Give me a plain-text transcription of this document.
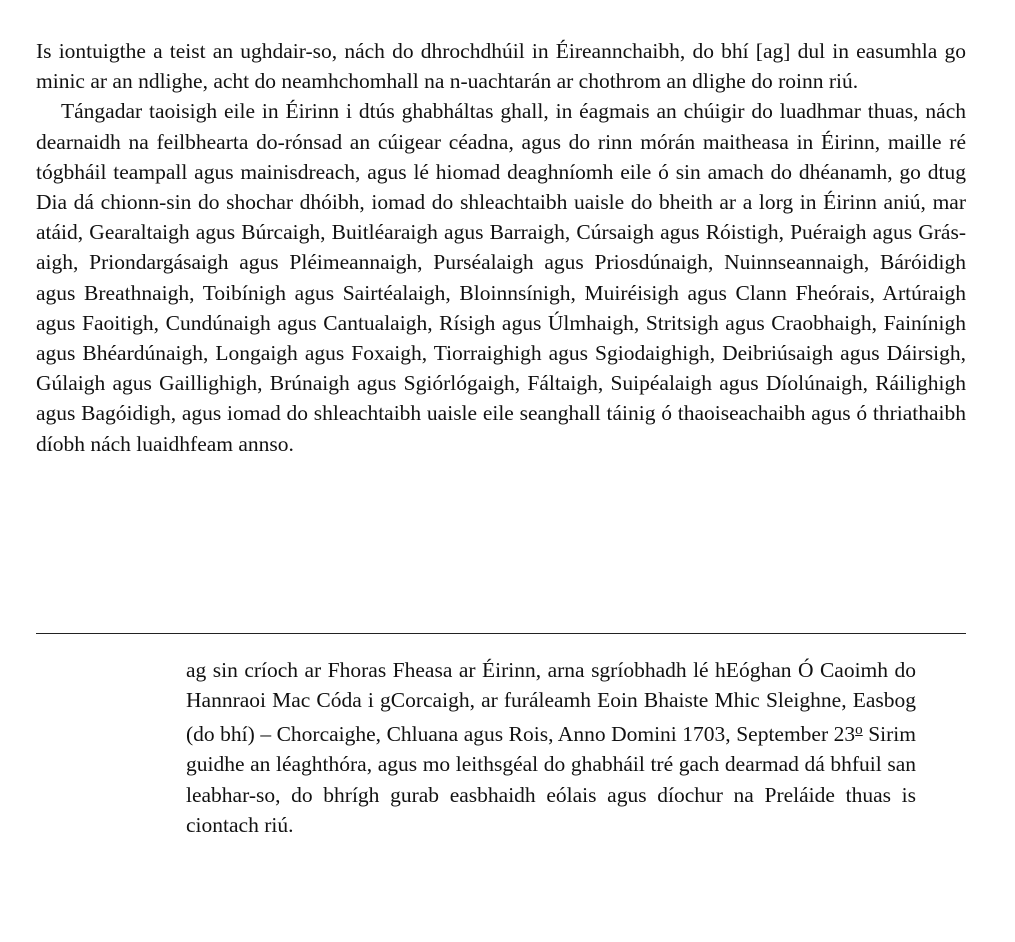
Is iontuigthe a teist an ughdair-so, nách do dhrochdhúil in Éireannchaibh, do bhí [ag] dul in easumhla go minic ar an ndlighe, acht do neamhchomhall na n-uachtarán ar chothrom an dlighe do roinn riú.

Tángadar taoisigh eile in Éirinn i dtús ghabháltas ghall, in éagmais an chúigir do luadhmar thuas, nách dearnaidh na feilbhearta do-rónsad an cúigear céadna, agus do rinn mórán maitheasa in Éirinn, maille ré tógbháil teampall agus mainisdreach, agus lé hiomad deaghníomh eile ó sin amach do dhéanamh, go dtug Dia dá chionn-sin do shochar dhóibh, iomad do shleachtaibh uaisle do bheith ar a lorg in Éirinn aniú, mar atáid, Gearaltaigh agus Búrcaigh, Buitléaraigh agus Barraigh, Cúrsaigh agus Róistigh, Puéraigh agus Grásaigh, Priondargásaigh agus Pléimeannaigh, Purséalaigh agus Priosdúnaigh, Nuinnseannaigh, Báróidigh agus Breathnaigh, Toibínigh agus Sairtéalaigh, Bloinnsínigh, Muiréisigh agus Clann Fheórais, Artúraigh agus Faoitigh, Cundúnaigh agus Cantualaigh, Rísigh agus Úlmhaigh, Stritsigh agus Craobhaigh, Fainínigh agus Bhéardúnaigh, Longaigh agus Foxaigh, Tiorraighigh agus Sgiodaighigh, Deibriúsaigh agus Dáirsigh, Gúlaigh agus Gaillighigh, Brúnaigh agus Sgiórlógaigh, Fáltaigh, Suipéalaigh agus Díolúnaigh, Ráilighigh agus Bagóidigh, agus iomad do shleachtaibh uaisle eile seanghall táinig ó thaoiseachaibh agus ó thriathaibh díobh nách luaidhfeam annso.

ag sin críoch ar Fhoras Fheasa ar Éirinn, arna sgríobhadh lé hEóghan Ó Caoimh do Hannraoi Mac Códa i gCorcaigh, ar furáleamh Eoin Bhaiste Mhic Sleighne, Easbog (do bhí) – Chorcaighe, Chluana agus Rois, Anno Domini 1703, September 23$^o$ Sirim guidhe an léaghthóra, agus mo leithsgéal do ghabháil tré gach dearmad dá bhfuil san leabhar-so, do bhrígh gurab easbhaidh eólais agus díochur na Preláide thuas is ciontach riú.
